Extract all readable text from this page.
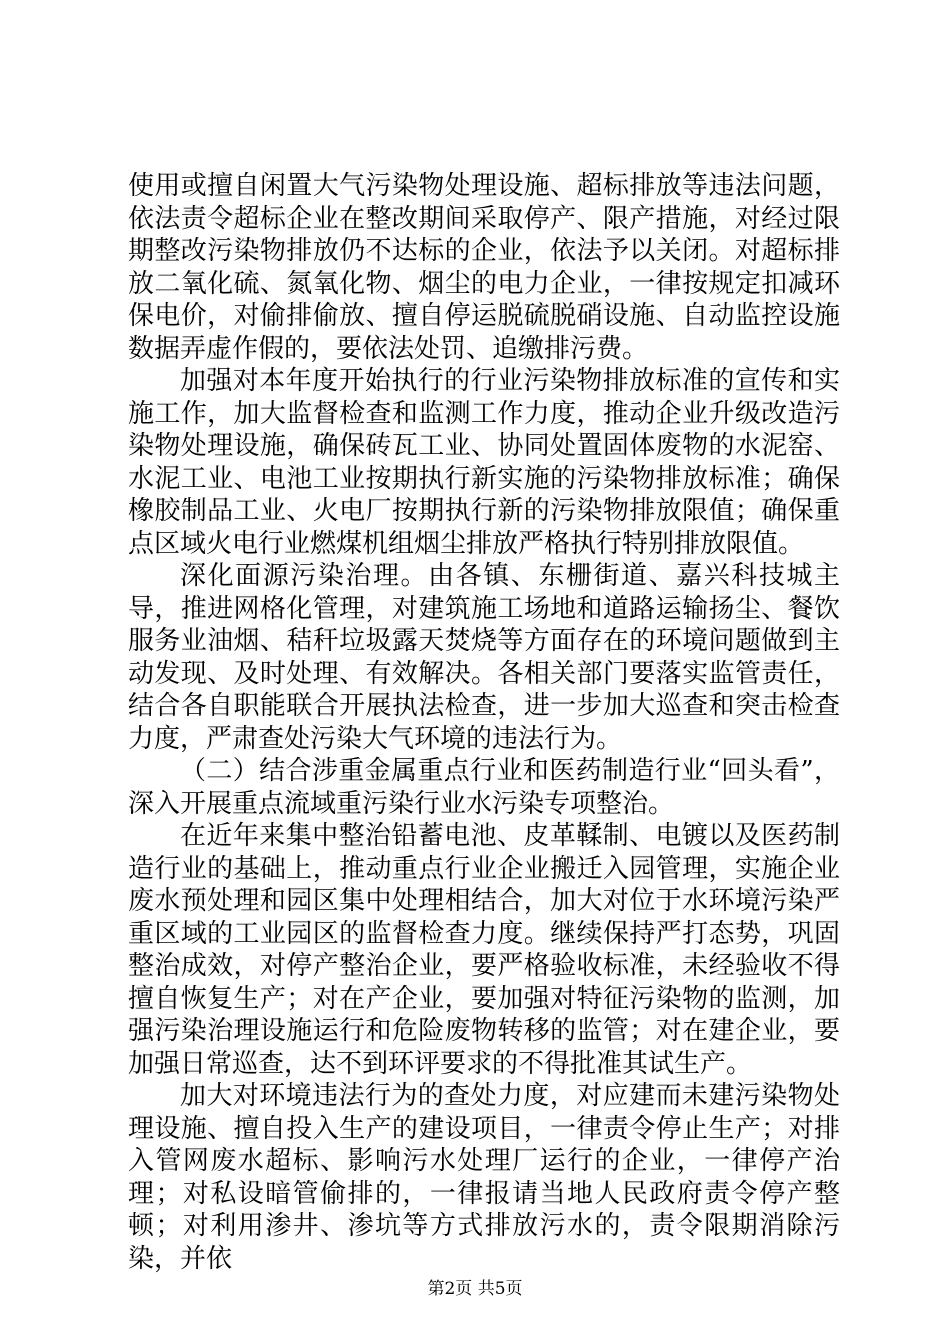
使用或擅自闲置大气污染物处理设施、超标排放等违法问题，依法责令超标企业在整改期间采取停产、限产措施，对经过限期整改污染物排放仍不达标的企业，依法予以关闭。对超标排放二氧化硫、氮氧化物、烟尘的电力企业，一律按规定扣减环保电价，对偷排偷放、擅自停运脱硫脱硝设施、自动监控设施数据弄虚作假的，要依法处罚、追缴排污费。

加强对本年度开始执行的行业污染物排放标准的宣传和实施工作，加大监督检查和监测工作力度，推动企业升级改造污染物处理设施，确保砖瓦工业、协同处置固体废物的水泥窑、水泥工业、电池工业按期执行新实施的污染物排放标准；确保橡胶制品工业、火电厂按期执行新的污染物排放限值；确保重点区域火电行业燃煤机组烟尘排放严格执行特别排放限值。

深化面源污染治理。由各镇、东栅街道、嘉兴科技城主导，推进网格化管理，对建筑施工场地和道路运输扬尘、餐饮服务业油烟、秸秆垃圾露天焚烧等方面存在的环境问题做到主动发现、及时处理、有效解决。各相关部门要落实监管责任，结合各自职能联合开展执法检查，进一步加大巡查和突击检查力度，严肃查处污染大气环境的违法行为。

（二）结合涉重金属重点行业和医药制造行业“回头看”，深入开展重点流域重污染行业水污染专项整治。

在近年来集中整治铅蓄电池、皮革鞣制、电镀以及医药制造行业的基础上，推动重点行业企业搬迁入园管理，实施企业废水预处理和园区集中处理相结合，加大对位于水环境污染严重区域的工业园区的监督检查力度。继续保持严打态势，巩固整治成效，对停产整治企业，要严格验收标准，未经验收不得擅自恢复生产；对在产企业，要加强对特征污染物的监测，加强污染治理设施运行和危险废物转移的监管；对在建企业，要加强日常巡查，达不到环评要求的不得批准其试生产。

加大对环境违法行为的查处力度，对应建而未建污染物处理设施、擅自投入生产的建设项目，一律责令停止生产；对排入管网废水超标、影响污水处理厂运行的企业，一律停产治理；对私设暗管偷排的，一律报请当地人民政府责令停产整顿；对利用渗井、渗坑等方式排放污水的，责令限期消除污染，并依

第2页 共5页
